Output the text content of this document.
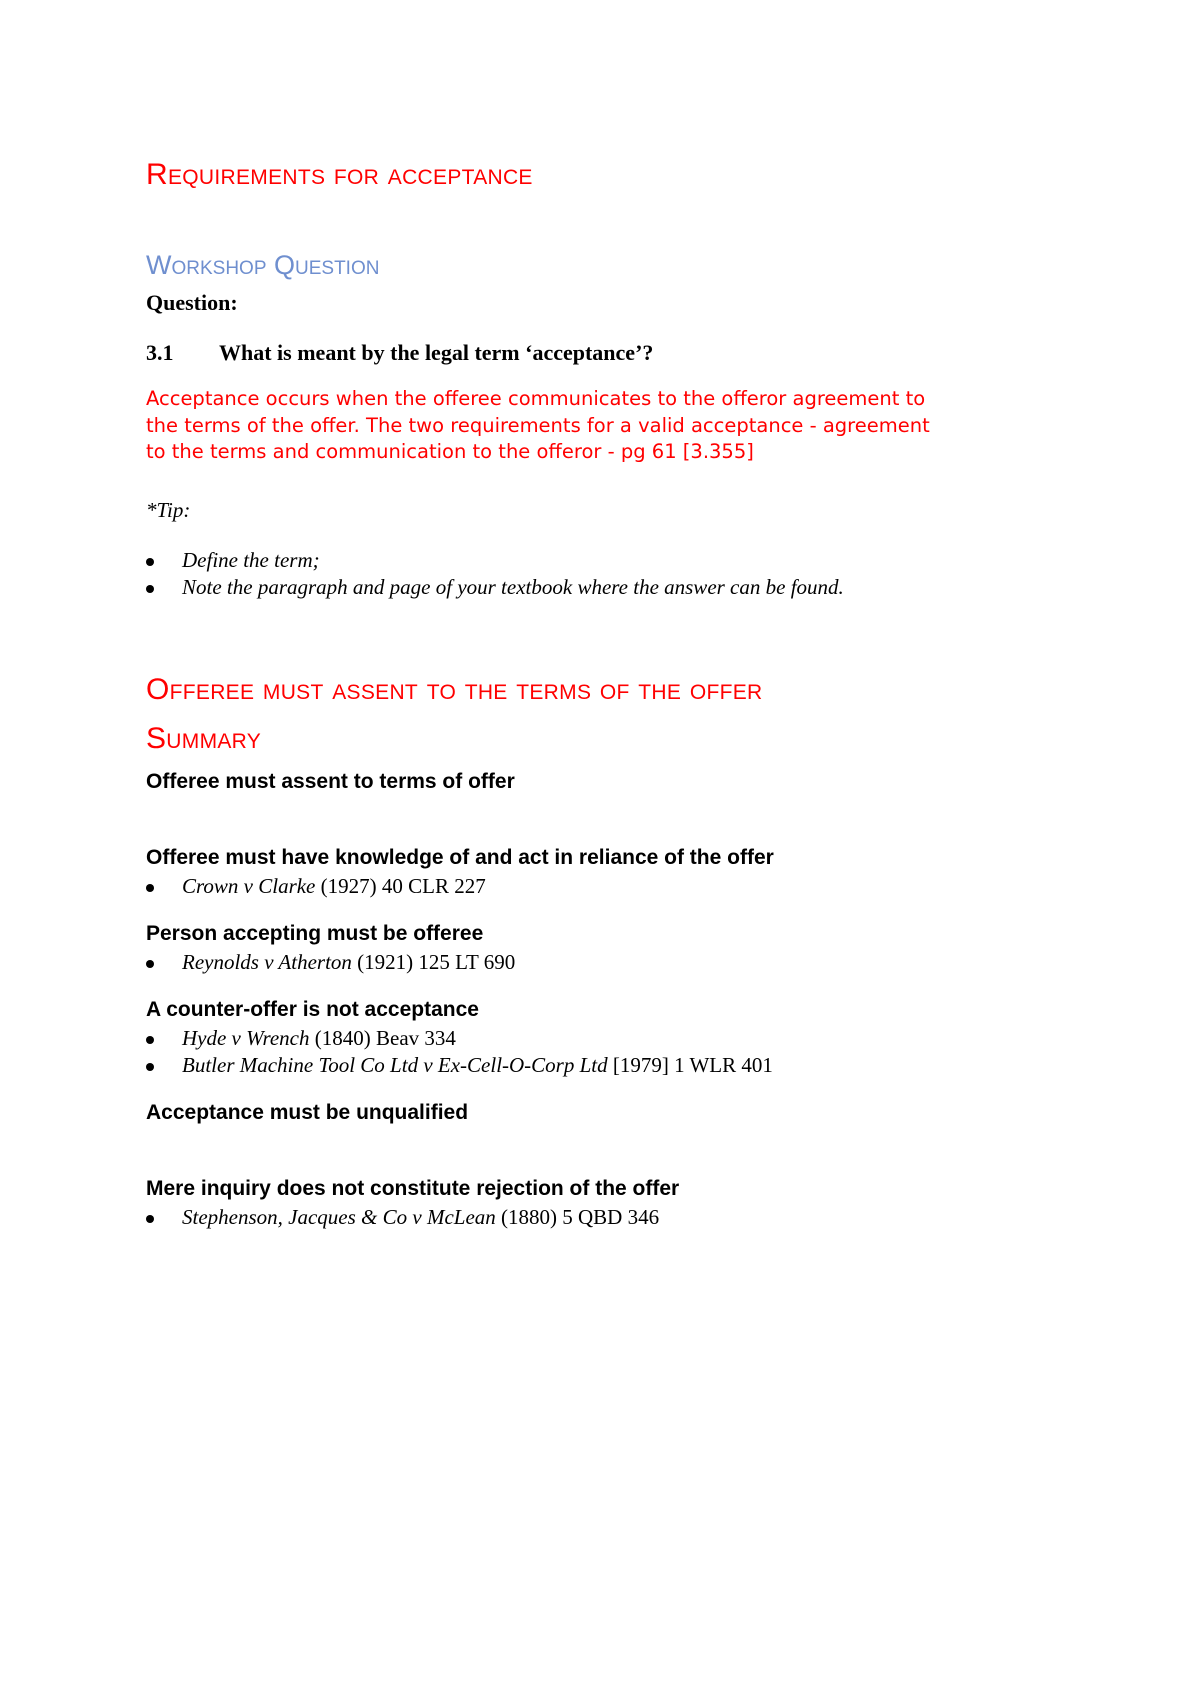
Requirements for acceptance
Workshop Question
Question:
3.1 What is meant by the legal term ‘acceptance’?
Acceptance occurs when the offeree communicates to the offeror agreement to
the terms of the offer. The two requirements for a valid acceptance - agreement
to the terms and communication to the offeror - pg 61 [3.355]
*Tip:
Define the term;
Note the paragraph and page of your textbook where the answer can be found.
Offeree must assent to the terms of the offer
Summary
Offeree must assent to terms of offer
Offeree must have knowledge of and act in reliance of the offer
Crown v Clarke (1927) 40 CLR 227
Person accepting must be offeree
Reynolds v Atherton (1921) 125 LT 690
A counter-offer is not acceptance
Hyde v Wrench (1840) Beav 334
Butler Machine Tool Co Ltd v Ex-Cell-O-Corp Ltd [1979] 1 WLR 401
Acceptance must be unqualified
Mere inquiry does not constitute rejection of the offer
Stephenson, Jacques & Co v McLean (1880) 5 QBD 346
